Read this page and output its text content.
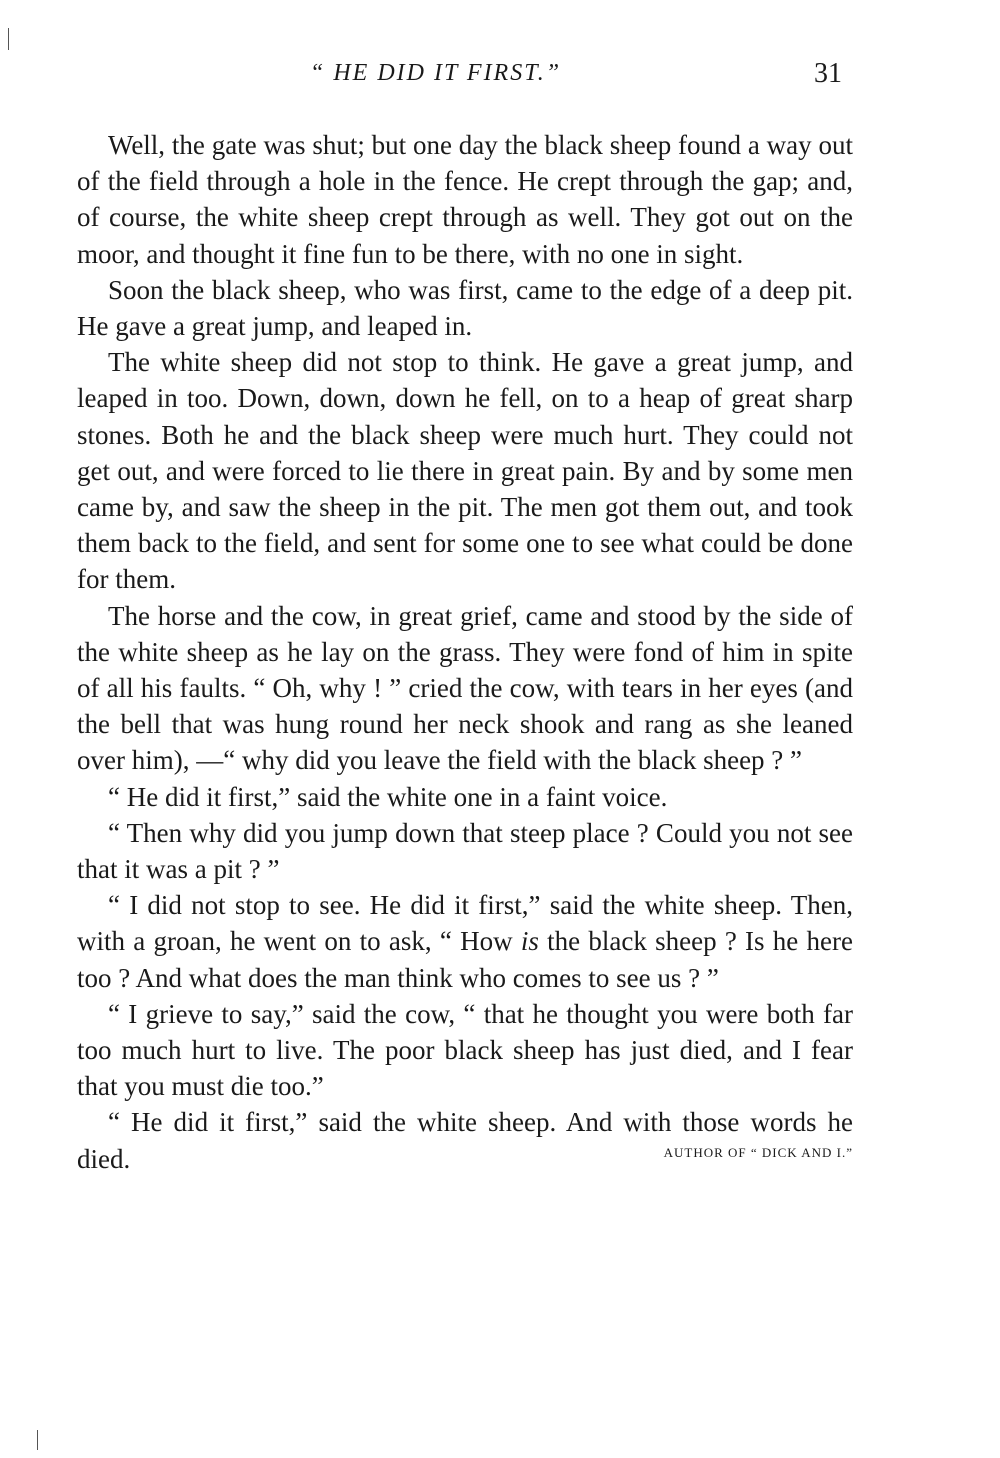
“ HE DID IT FIRST.”	31

Well, the gate was shut; but one day the black sheep found a way out of the field through a hole in the fence. He crept through the gap; and, of course, the white sheep crept through as well. They got out on the moor, and thought it fine fun to be there, with no one in sight.

Soon the black sheep, who was first, came to the edge of a deep pit. He gave a great jump, and leaped in.

The white sheep did not stop to think. He gave a great jump, and leaped in too. Down, down, down he fell, on to a heap of great sharp stones. Both he and the black sheep were much hurt. They could not get out, and were forced to lie there in great pain. By and by some men came by, and saw the sheep in the pit. The men got them out, and took them back to the field, and sent for some one to see what could be done for them.

The horse and the cow, in great grief, came and stood by the side of the white sheep as he lay on the grass. They were fond of him in spite of all his faults. “ Oh, why ! ” cried the cow, with tears in her eyes (and the bell that was hung round her neck shook and rang as she leaned over him), —“ why did you leave the field with the black sheep ? ”

“ He did it first,” said the white one in a faint voice.

“ Then why did you jump down that steep place ? Could you not see that it was a pit ? ”

“ I did not stop to see. He did it first,” said the white sheep. Then, with a groan, he went on to ask, “ How is the black sheep ? Is he here too ? And what does the man think who comes to see us ? ”

“ I grieve to say,” said the cow, “ that he thought you were both far too much hurt to live. The poor black sheep has just died, and I fear that you must die too.”

“ He did it first,” said the white sheep. And with those words he died.	AUTHOR OF “ DICK AND I.”
